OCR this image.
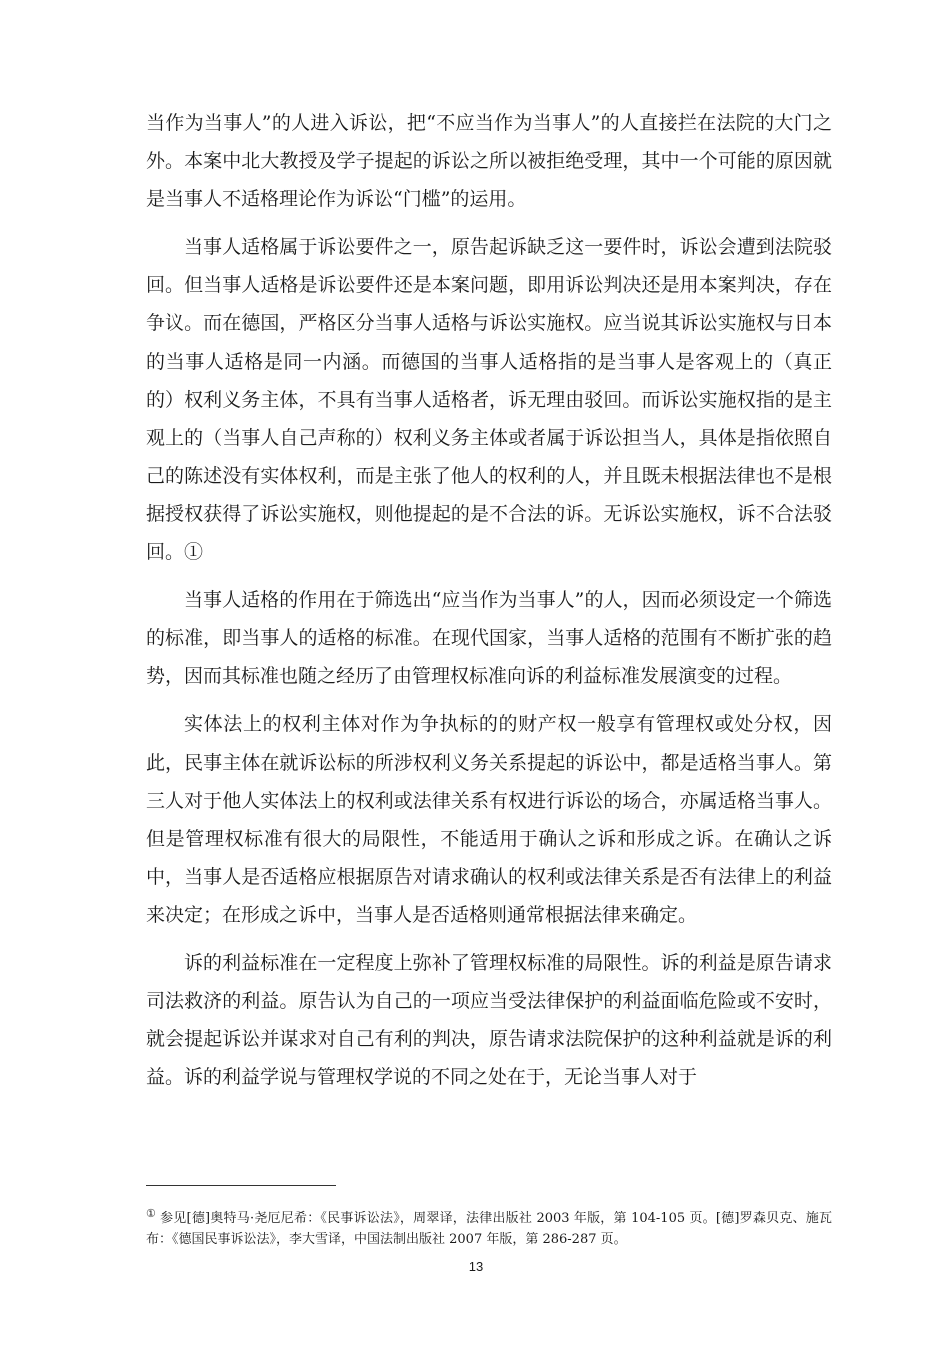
当作为当事人”的人进入诉讼，把“不应当作为当事人”的人直接拦在法院的大门之外。本案中北大教授及学子提起的诉讼之所以被拒绝受理，其中一个可能的原因就是当事人不适格理论作为诉讼“门槛”的运用。

当事人适格属于诉讼要件之一，原告起诉缺乏这一要件时，诉讼会遭到法院驳回。但当事人适格是诉讼要件还是本案问题，即用诉讼判决还是用本案判决，存在争议。而在德国，严格区分当事人适格与诉讼实施权。应当说其诉讼实施权与日本的当事人适格是同一内涵。而德国的当事人适格指的是当事人是客观上的（真正的）权利义务主体，不具有当事人适格者，诉无理由驳回。而诉讼实施权指的是主观上的（当事人自己声称的）权利义务主体或者属于诉讼担当人，具体是指依照自己的陈述没有实体权利，而是主张了他人的权利的人，并且既未根据法律也不是根据授权获得了诉讼实施权，则他提起的是不合法的诉。无诉讼实施权，诉不合法驳回。①

当事人适格的作用在于筛选出“应当作为当事人”的人，因而必须设定一个筛选的标准，即当事人的适格的标准。在现代国家，当事人适格的范围有不断扩张的趋势，因而其标准也随之经历了由管理权标准向诉的利益标准发展演变的过程。

实体法上的权利主体对作为争执标的的财产权一般享有管理权或处分权，因此，民事主体在就诉讼标的所涉权利义务关系提起的诉讼中，都是适格当事人。第三人对于他人实体法上的权利或法律关系有权进行诉讼的场合，亦属适格当事人。但是管理权标准有很大的局限性，不能适用于确认之诉和形成之诉。在确认之诉中，当事人是否适格应根据原告对请求确认的权利或法律关系是否有法律上的利益来决定；在形成之诉中，当事人是否适格则通常根据法律来确定。

诉的利益标准在一定程度上弥补了管理权标准的局限性。诉的利益是原告请求司法救济的利益。原告认为自己的一项应当受法律保护的利益面临危险或不安时，就会提起诉讼并谋求对自己有利的判决，原告请求法院保护的这种利益就是诉的利益。诉的利益学说与管理权学说的不同之处在于，无论当事人对于

① 参见[德]奥特马·尧厄尼希：《民事诉讼法》，周翠译，法律出版社 2003 年版，第 104-105 页。[德]罗森贝克、施瓦布：《德国民事诉讼法》，李大雪译，中国法制出版社 2007 年版，第 286-287 页。
13
